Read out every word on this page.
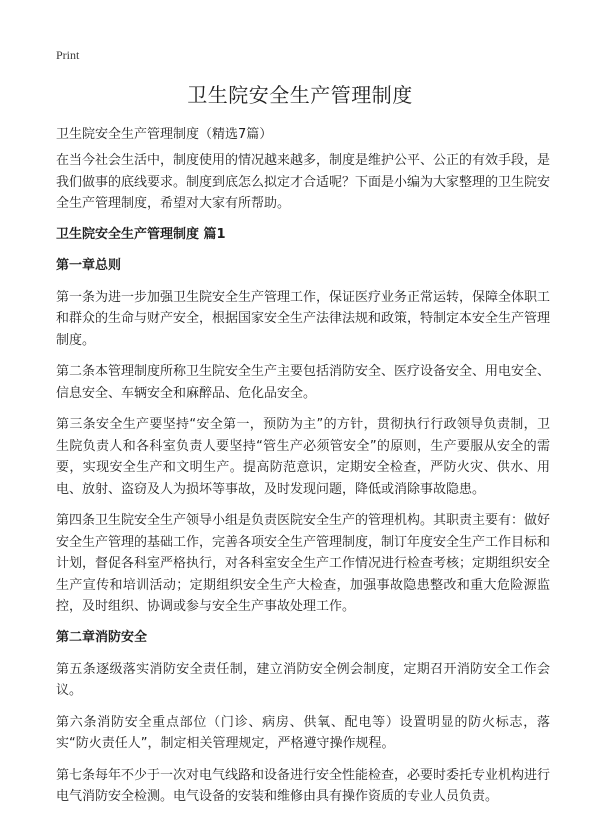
Print
卫生院安全生产管理制度

卫生院安全生产管理制度（精选7篇）

在当今社会生活中，制度使用的情况越来越多，制度是维护公平、公正的有效手段，是我们做事的底线要求。制度到底怎么拟定才合适呢？下面是小编为大家整理的卫生院安全生产管理制度，希望对大家有所帮助。

卫生院安全生产管理制度 篇1
第一章总则

第一条为进一步加强卫生院安全生产管理工作，保证医疗业务正常运转，保障全体职工和群众的生命与财产安全，根据国家安全生产法律法规和政策，特制定本安全生产管理制度。

第二条本管理制度所称卫生院安全生产主要包括消防安全、医疗设备安全、用电安全、信息安全、车辆安全和麻醉品、危化品安全。

第三条安全生产要坚持“安全第一，预防为主”的方针，贯彻执行行政领导负责制，卫生院负责人和各科室负责人要坚持“管生产必须管安全”的原则，生产要服从安全的需要，实现安全生产和文明生产。提高防范意识，定期安全检查，严防火灾、供水、用电、放射、盗窃及人为损坏等事故，及时发现问题，降低或消除事故隐患。

第四条卫生院安全生产领导小组是负责医院安全生产的管理机构。其职责主要有：做好安全生产管理的基础工作，完善各项安全生产管理制度，制订年度安全生产工作目标和计划，督促各科室严格执行，对各科室安全生产工作情况进行检查考核；定期组织安全生产宣传和培训活动；定期组织安全生产大检查，加强事故隐患整改和重大危险源监控，及时组织、协调或参与安全生产事故处理工作。

第二章消防安全

第五条逐级落实消防安全责任制，建立消防安全例会制度，定期召开消防安全工作会议。

第六条消防安全重点部位（门诊、病房、供氧、配电等）设置明显的防火标志，落实“防火责任人”，制定相关管理规定，严格遵守操作规程。

第七条每年不少于一次对电气线路和设备进行安全性能检查，必要时委托专业机构进行电气消防安全检测。电气设备的安装和维修由具有操作资质的专业人员负责。
